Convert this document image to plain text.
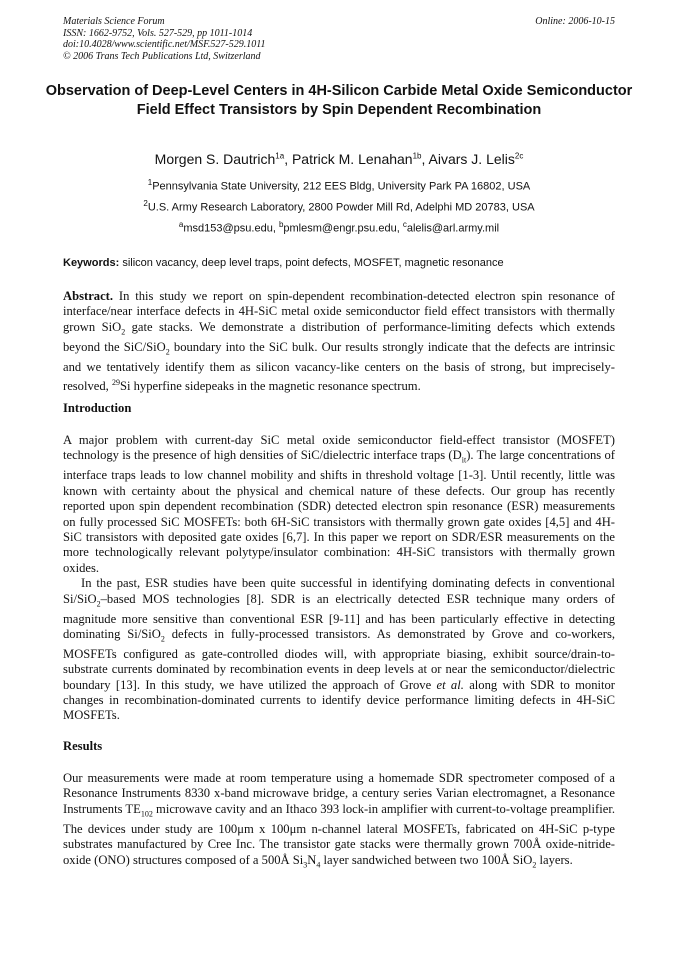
Materials Science Forum
ISSN: 1662-9752, Vols. 527-529, pp 1011-1014
doi:10.4028/www.scientific.net/MSF.527-529.1011
© 2006 Trans Tech Publications Ltd, Switzerland
Online: 2006-10-15
Observation of Deep-Level Centers in 4H-Silicon Carbide Metal Oxide Semiconductor Field Effect Transistors by Spin Dependent Recombination
Morgen S. Dautrich$^{1a}$, Patrick M. Lenahan$^{1b}$, Aivars J. Lelis$^{2c}$
$^1$Pennsylvania State University, 212 EES Bldg, University Park PA 16802, USA
$^2$U.S. Army Research Laboratory, 2800 Powder Mill Rd, Adelphi MD 20783, USA
$^a$msd153@psu.edu, $^b$pmlesm@engr.psu.edu, $^c$alelis@arl.army.mil
Keywords: silicon vacancy, deep level traps, point defects, MOSFET, magnetic resonance
Abstract. In this study we report on spin-dependent recombination-detected electron spin resonance of interface/near interface defects in 4H-SiC metal oxide semiconductor field effect transistors with thermally grown SiO$_2$ gate stacks. We demonstrate a distribution of performance-limiting defects which extends beyond the SiC/SiO$_2$ boundary into the SiC bulk. Our results strongly indicate that the defects are intrinsic and we tentatively identify them as silicon vacancy-like centers on the basis of strong, but imprecisely-resolved, $^{29}$Si hyperfine sidepeaks in the magnetic resonance spectrum.
Introduction
A major problem with current-day SiC metal oxide semiconductor field-effect transistor (MOSFET) technology is the presence of high densities of SiC/dielectric interface traps $(D_{it})$. The large concentrations of interface traps leads to low channel mobility and shifts in threshold voltage [1-3]. Until recently, little was known with certainty about the physical and chemical nature of these defects. Our group has recently reported upon spin dependent recombination (SDR) detected electron spin resonance (ESR) measurements on fully processed SiC MOSFETs: both 6H-SiC transistors with thermally grown gate oxides [4,5] and 4H-SiC transistors with deposited gate oxides [6,7]. In this paper we report on SDR/ESR measurements on the more technologically relevant polytype/insulator combination: 4H-SiC transistors with thermally grown oxides.
In the past, ESR studies have been quite successful in identifying dominating defects in conventional Si/SiO$_2$–based MOS technologies [8]. SDR is an electrically detected ESR technique many orders of magnitude more sensitive than conventional ESR [9-11] and has been particularly effective in detecting dominating Si/SiO$_2$ defects in fully-processed transistors. As demonstrated by Grove and co-workers, MOSFETs configured as gate-controlled diodes will, with appropriate biasing, exhibit source/drain-to-substrate currents dominated by recombination events in deep levels at or near the semiconductor/dielectric boundary [13]. In this study, we have utilized the approach of Grove et al. along with SDR to monitor changes in recombination-dominated currents to identify device performance limiting defects in 4H-SiC MOSFETs.
Results
Our measurements were made at room temperature using a homemade SDR spectrometer composed of a Resonance Instruments 8330 x-band microwave bridge, a century series Varian electromagnet, a Resonance Instruments $TE_{102}$ microwave cavity and an Ithaco 393 lock-in amplifier with current-to-voltage preamplifier. The devices under study are 100μm x 100μm n-channel lateral MOSFETs, fabricated on 4H-SiC p-type substrates manufactured by Cree Inc. The transistor gate stacks were thermally grown 700Å oxide-nitride-oxide (ONO) structures composed of a 500Å $Si_3N_4$ layer sandwiched between two 100Å SiO$_2$ layers.
